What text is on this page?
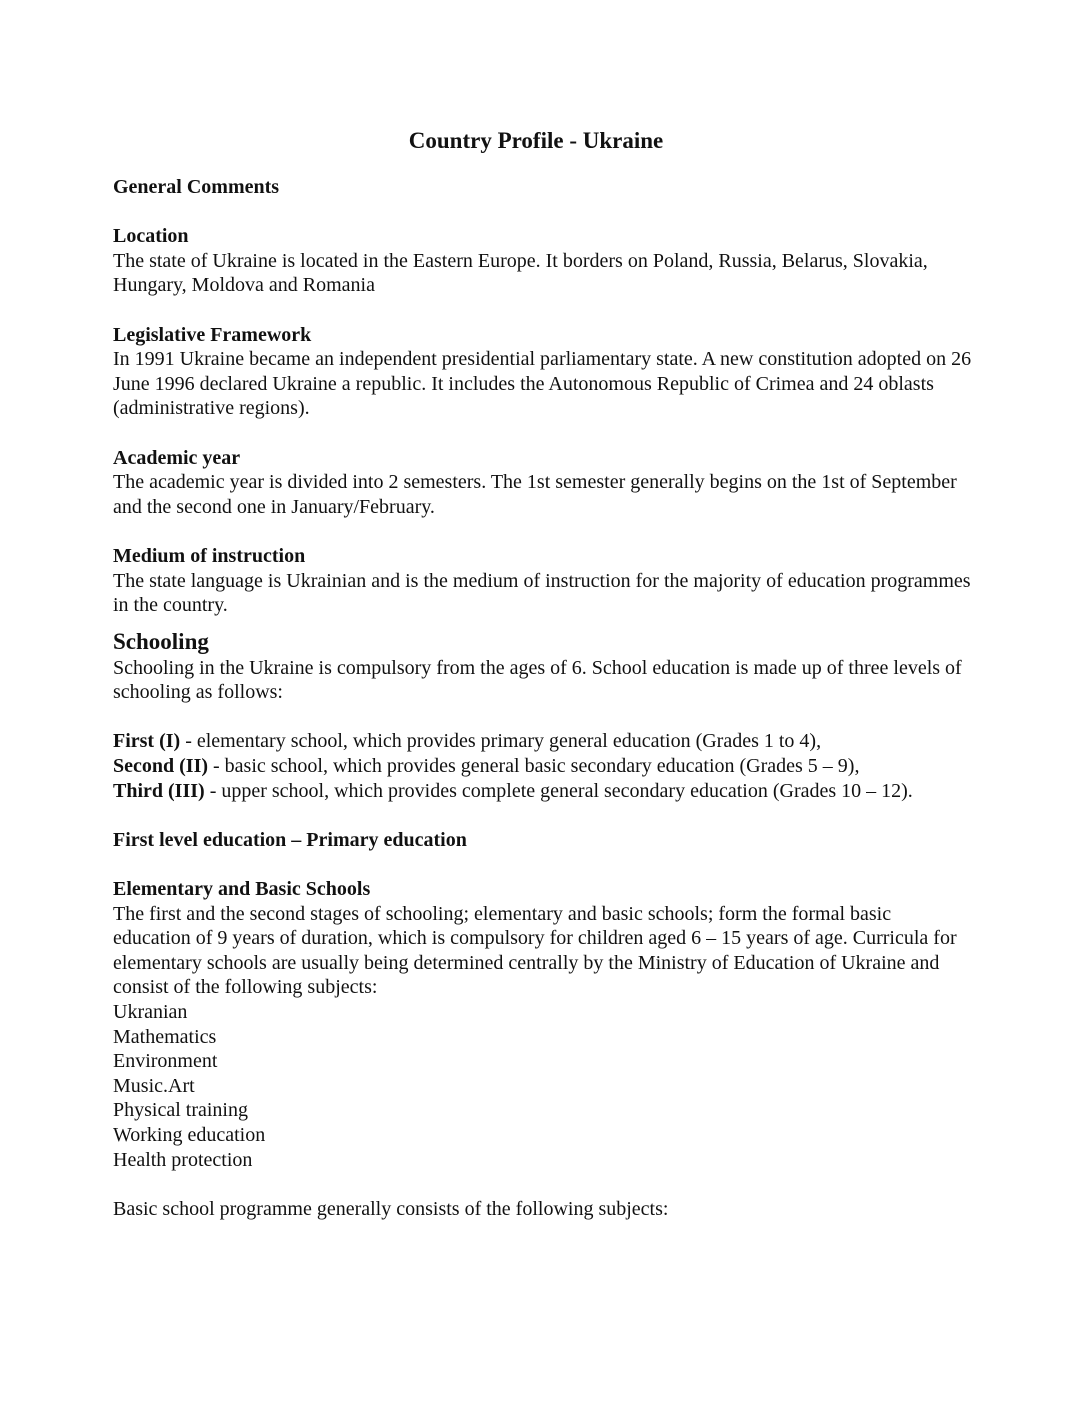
Country Profile - Ukraine
General Comments
Location
The state of Ukraine is located in the Eastern Europe. It borders on Poland, Russia, Belarus, Slovakia, Hungary, Moldova and Romania
Legislative Framework
In 1991 Ukraine became an independent presidential parliamentary state. A new constitution adopted on 26 June 1996 declared Ukraine a republic. It includes the Autonomous Republic of Crimea and 24 oblasts (administrative regions).
Academic year
The academic year is divided into 2 semesters. The 1st semester generally begins on the 1st of September and the second one in January/February.
Medium of instruction
The state language is Ukrainian and is the medium of instruction for the majority of education programmes in the country.
Schooling
Schooling in the Ukraine is compulsory from the ages of 6. School education is made up of three levels of schooling as follows:
First (I) - elementary school, which provides primary general education (Grades 1 to 4),
Second (II) - basic school, which provides general basic secondary education (Grades 5 – 9),
Third (III) - upper school, which provides complete general secondary education (Grades 10 – 12).
First level education – Primary education
Elementary and Basic Schools
The first and the second stages of schooling; elementary and basic schools; form the formal basic education of 9 years of duration, which is compulsory for children aged 6 – 15 years of age. Curricula for elementary schools are usually being determined centrally by the Ministry of Education of Ukraine and consist of the following subjects:
Ukranian
Mathematics
Environment
Music.Art
Physical training
Working education
Health protection
Basic school programme generally consists of the following subjects:
